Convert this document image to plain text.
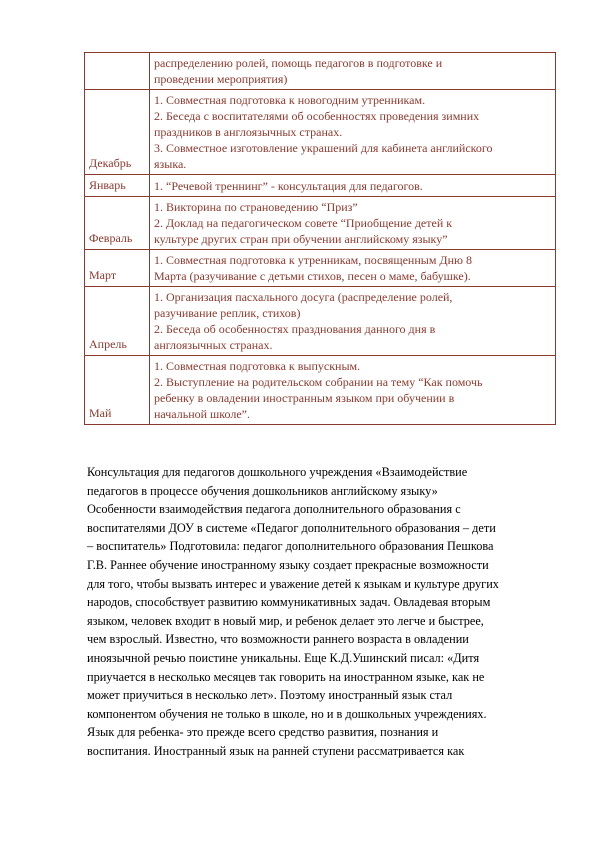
	распределению ролей, помощь педагогов в подготовке и
проведении мероприятия)

Декабрь	1. Совместная подготовка к новогодним утренникам.
2. Беседа с воспитателями об особенностях проведения зимних
праздников в англоязычных странах.
3. Совместное изготовление украшений для кабинета английского
языка.

Январь	1. “Речевой треннинг” - консультация для педагогов.

Февраль	1. Викторина по страноведению “Приз”
2. Доклад на педагогическом совете “Приобщение детей к
культуре других стран при обучении английскому языку”

Март	1. Совместная подготовка к утренникам, посвященным Дню 8
Марта (разучивание с детьми стихов, песен о маме, бабушке).

Апрель	1. Организация пасхального досуга (распределение ролей,
разучивание реплик, стихов)
2. Беседа об особенностях празднования данного дня в
англоязычных странах.

Май	1. Совместная подготовка к выпускным.
2. Выступление на родительском собрании на тему “Как помочь
ребенку в овладении иностранным языком при обучении в
начальной школе”.
Консультация для педагогов дошкольного учреждения «Взаимодействие
педагогов в процессе обучения дошкольников английскому языку»
Особенности взаимодействия педагога дополнительного образования с
воспитателями ДОУ в системе «Педагог дополнительного образования – дети
– воспитатель» Подготовила: педагог дополнительного образования Пешкова
Г.В. Раннее обучение иностранному языку создает прекрасные возможности
для того, чтобы вызвать интерес и уважение детей к языкам и культуре других
народов, способствует развитию коммуникативных задач. Овладевая вторым
языком, человек входит в новый мир, и ребенок делает это легче и быстрее,
чем взрослый. Известно, что возможности раннего возраста в овладении
иноязычной речью поистине уникальны. Еще К.Д.Ушинский писал: «Дитя
приучается в несколько месяцев так говорить на иностранном языке, как не
может приучиться в несколько лет». Поэтому иностранный язык стал
компонентом обучения не только в школе, но и в дошкольных учреждениях.
Язык для ребенка- это прежде всего средство развития, познания и
воспитания. Иностранный язык на ранней ступени рассматривается как
